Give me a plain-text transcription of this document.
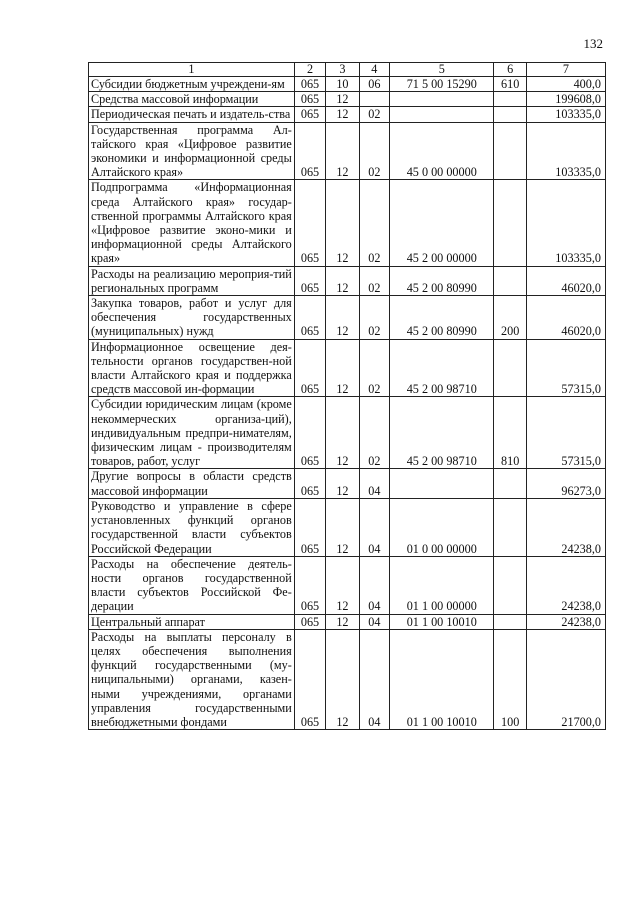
132
1	2	3	4	5	6	7
Субсидии бюджетным учреждени-ям	065	10	06	71 5 00 15290	610	400,0
Средства массовой информации	065	12				199608,0
Периодическая печать и издатель-ства	065	12	02			103335,0
Государственная программа Ал-тайского края «Цифровое развитие экономики и информационной среды Алтайского края»	065	12	02	45 0 00 00000		103335,0
Подпрограмма «Информационная среда Алтайского края» государ-ственной программы Алтайского края «Цифровое развитие эконо-мики и информационной среды Алтайского края»	065	12	02	45 2 00 00000		103335,0
Расходы на реализацию мероприя-тий региональных программ	065	12	02	45 2 00 80990		46020,0
Закупка товаров, работ и услуг для обеспечения государственных (муниципальных) нужд	065	12	02	45 2 00 80990	200	46020,0
Информационное освещение дея-тельности органов государствен-ной власти Алтайского края и поддержка средств массовой ин-формации	065	12	02	45 2 00 98710		57315,0
Субсидии юридическим лицам (кроме некоммерческих организа-ций), индивидуальным предпри-нимателям, физическим лицам - производителям товаров, работ, услуг	065	12	02	45 2 00 98710	810	57315,0
Другие вопросы в области средств массовой информации	065	12	04			96273,0
Руководство и управление в сфере установленных функций органов государственной власти субъектов Российской Федерации	065	12	04	01 0 00 00000		24238,0
Расходы на обеспечение деятель-ности органов государственной власти субъектов Российской Фе-дерации	065	12	04	01 1 00 00000		24238,0
Центральный аппарат	065	12	04	01 1 00 10010		24238,0
Расходы на выплаты персоналу в целях обеспечения выполнения функций государственными (му-ниципальными) органами, казен-ными учреждениями, органами управления государственными внебюджетными фондами	065	12	04	01 1 00 10010	100	21700,0
